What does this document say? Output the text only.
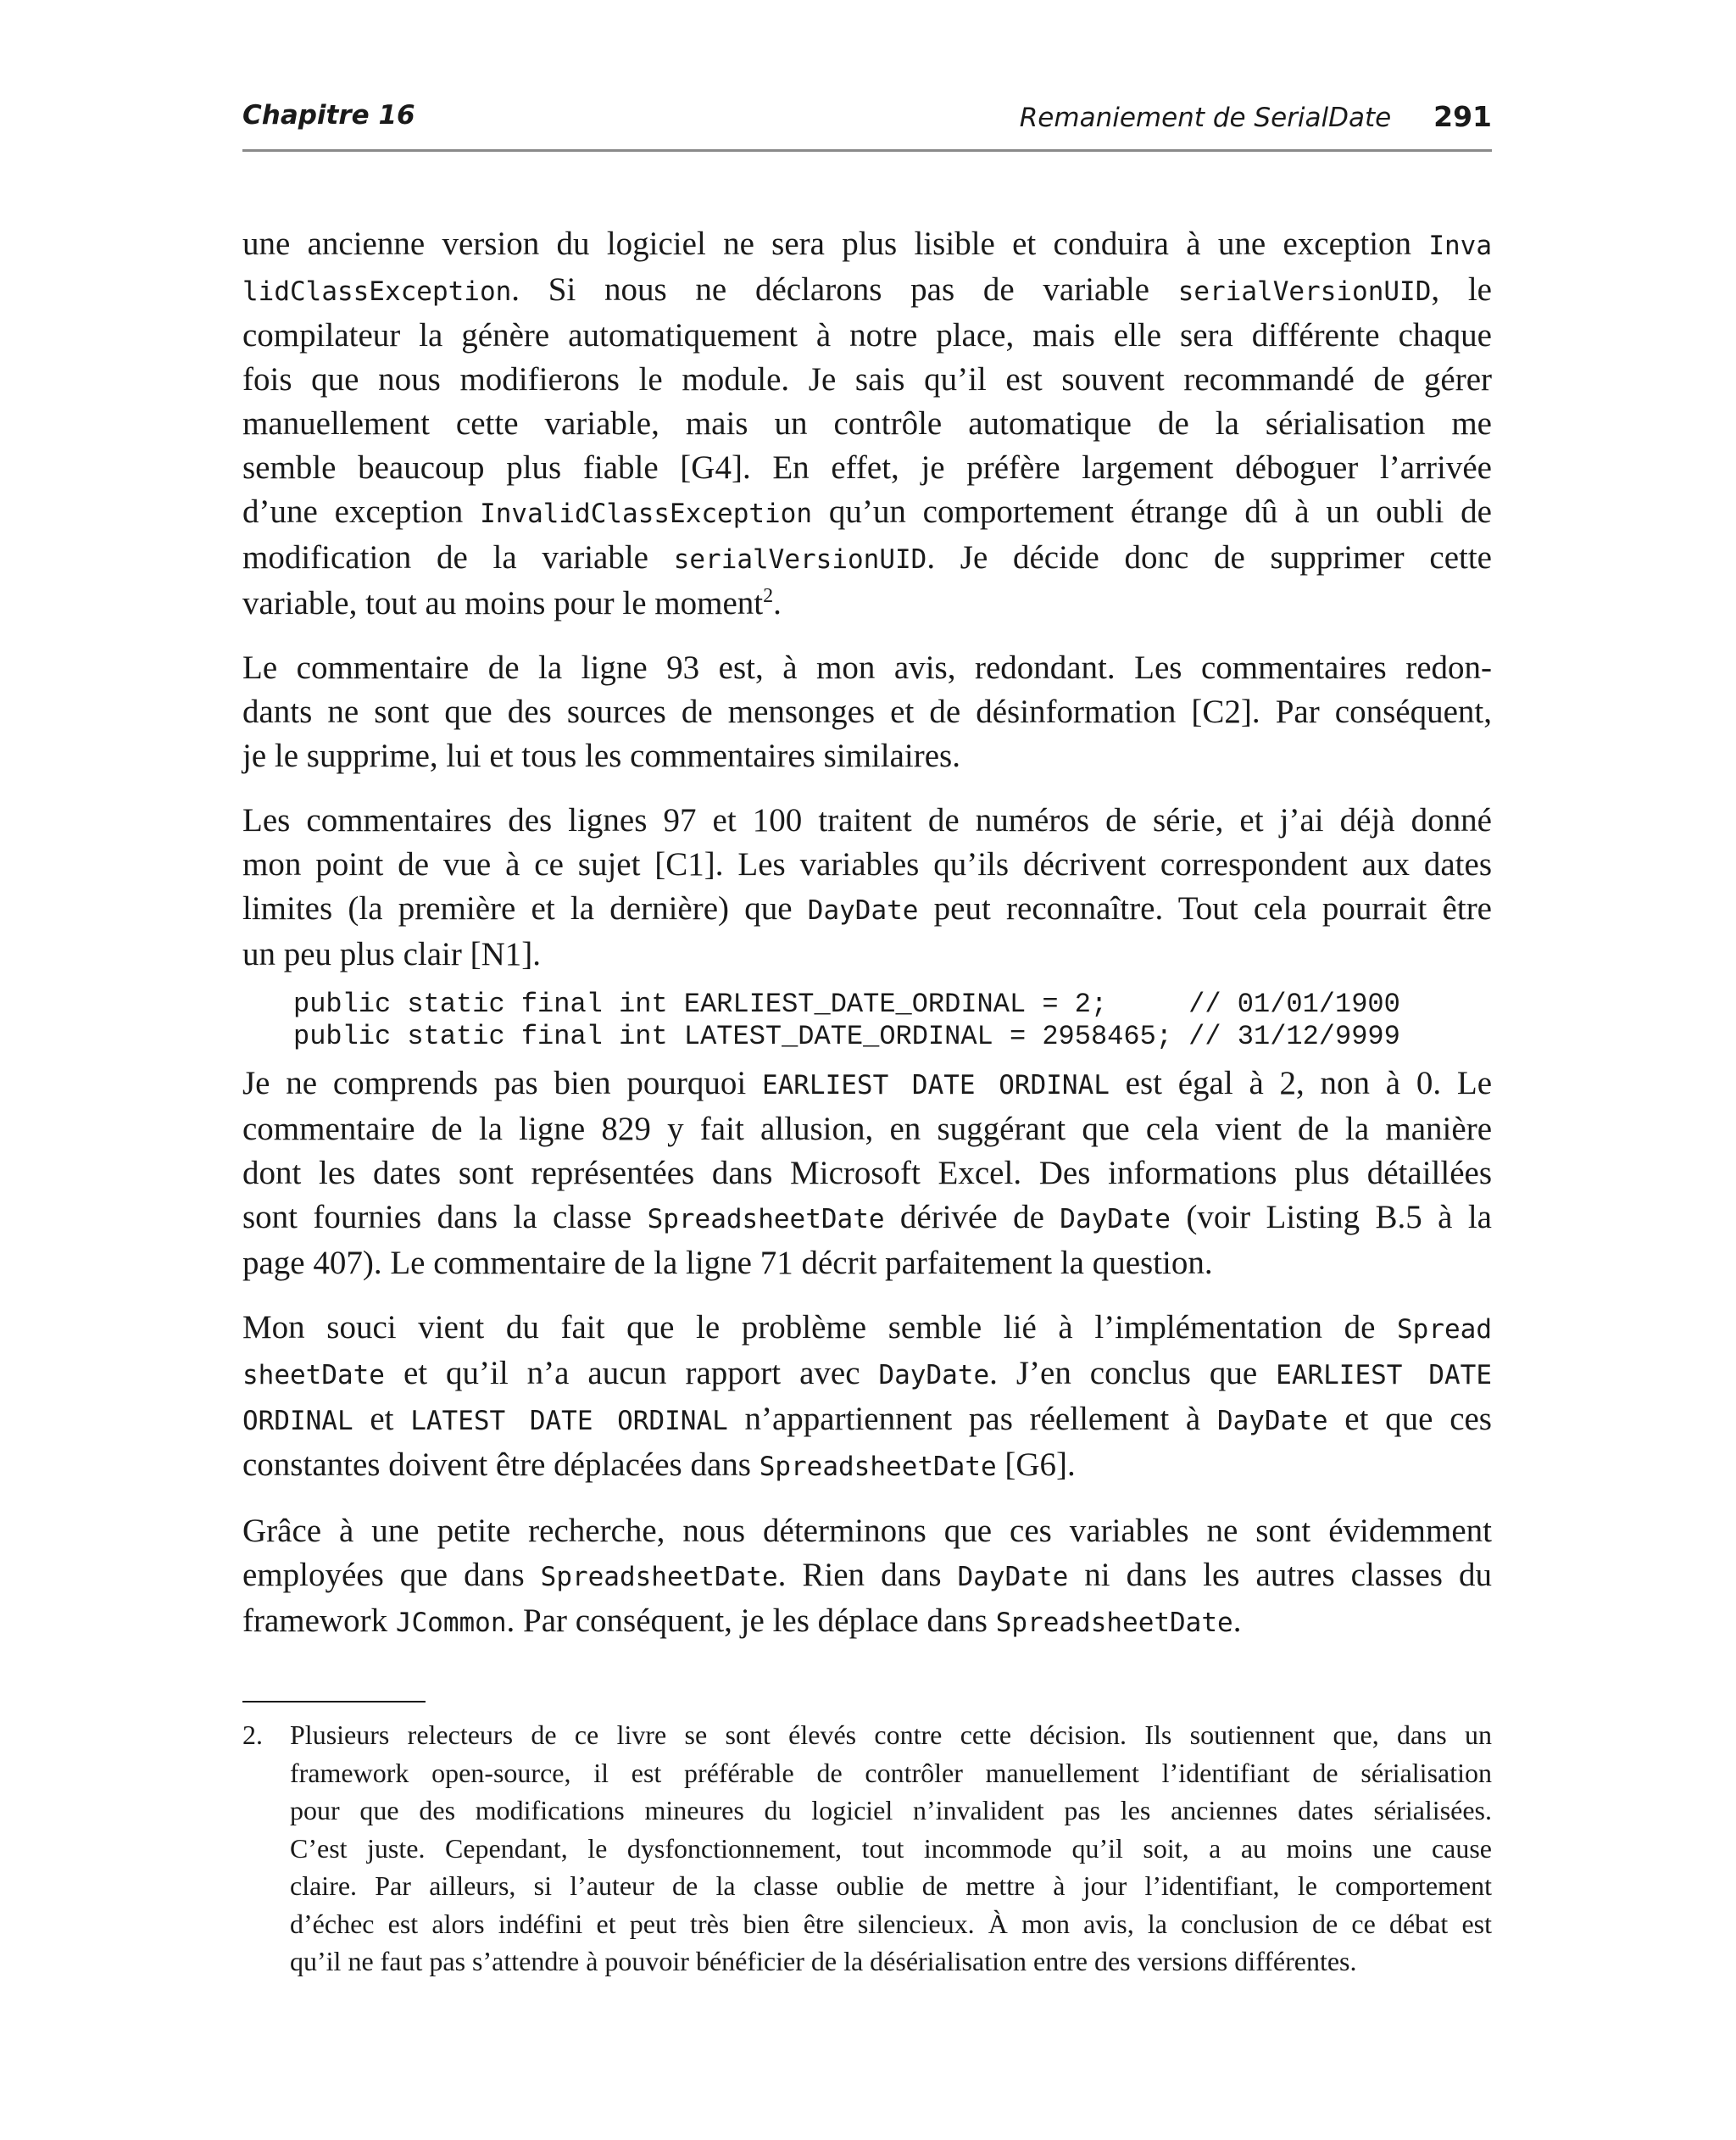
Chapitre 16	Remaniement de SerialDate 291

une ancienne version du logiciel ne sera plus lisible et conduira à une exception Inva
lidClassException. Si nous ne déclarons pas de variable serialVersionUID, le
compilateur la génère automatiquement à notre place, mais elle sera différente chaque
fois que nous modifierons le module. Je sais qu’il est souvent recommandé de gérer
manuellement cette variable, mais un contrôle automatique de la sérialisation me
semble beaucoup plus fiable [G4]. En effet, je préfère largement déboguer l’arrivée
d’une exception InvalidClassException qu’un comportement étrange dû à un oubli de
modification de la variable serialVersionUID. Je décide donc de supprimer cette
variable, tout au moins pour le moment$^2$.

Le commentaire de la ligne 93 est, à mon avis, redondant. Les commentaires redon-
dants ne sont que des sources de mensonges et de désinformation [C2]. Par conséquent,
je le supprime, lui et tous les commentaires similaires.

Les commentaires des lignes 97 et 100 traitent de numéros de série, et j’ai déjà donné
mon point de vue à ce sujet [C1]. Les variables qu’ils décrivent correspondent aux dates
limites (la première et la dernière) que DayDate peut reconnaître. Tout cela pourrait être
un peu plus clair [N1].

public static final int EARLIEST_DATE_ORDINAL = 2;     // 01/01/1900
public static final int LATEST_DATE_ORDINAL = 2958465; // 31/12/9999

Je ne comprends pas bien pourquoi EARLIEST DATE ORDINAL est égal à 2, non à 0. Le
commentaire de la ligne 829 y fait allusion, en suggérant que cela vient de la manière
dont les dates sont représentées dans Microsoft Excel. Des informations plus détaillées
sont fournies dans la classe SpreadsheetDate dérivée de DayDate (voir Listing B.5 à la
page 407). Le commentaire de la ligne 71 décrit parfaitement la question.

Mon souci vient du fait que le problème semble lié à l’implémentation de Spread
sheetDate et qu’il n’a aucun rapport avec DayDate. J’en conclus que EARLIEST DATE
ORDINAL et LATEST DATE ORDINAL n’appartiennent pas réellement à DayDate et que ces
constantes doivent être déplacées dans SpreadsheetDate [G6].

Grâce à une petite recherche, nous déterminons que ces variables ne sont évidemment
employées que dans SpreadsheetDate. Rien dans DayDate ni dans les autres classes du
framework JCommon. Par conséquent, je les déplace dans SpreadsheetDate.

2. Plusieurs relecteurs de ce livre se sont élevés contre cette décision. Ils soutiennent que, dans un
framework open-source, il est préférable de contrôler manuellement l’identifiant de sérialisation
pour que des modifications mineures du logiciel n’invalident pas les anciennes dates sérialisées.
C’est juste. Cependant, le dysfonctionnement, tout incommode qu’il soit, a au moins une cause
claire. Par ailleurs, si l’auteur de la classe oublie de mettre à jour l’identifiant, le comportement
d’échec est alors indéfini et peut très bien être silencieux. À mon avis, la conclusion de ce débat est
qu’il ne faut pas s’attendre à pouvoir bénéficier de la désérialisation entre des versions différentes.
